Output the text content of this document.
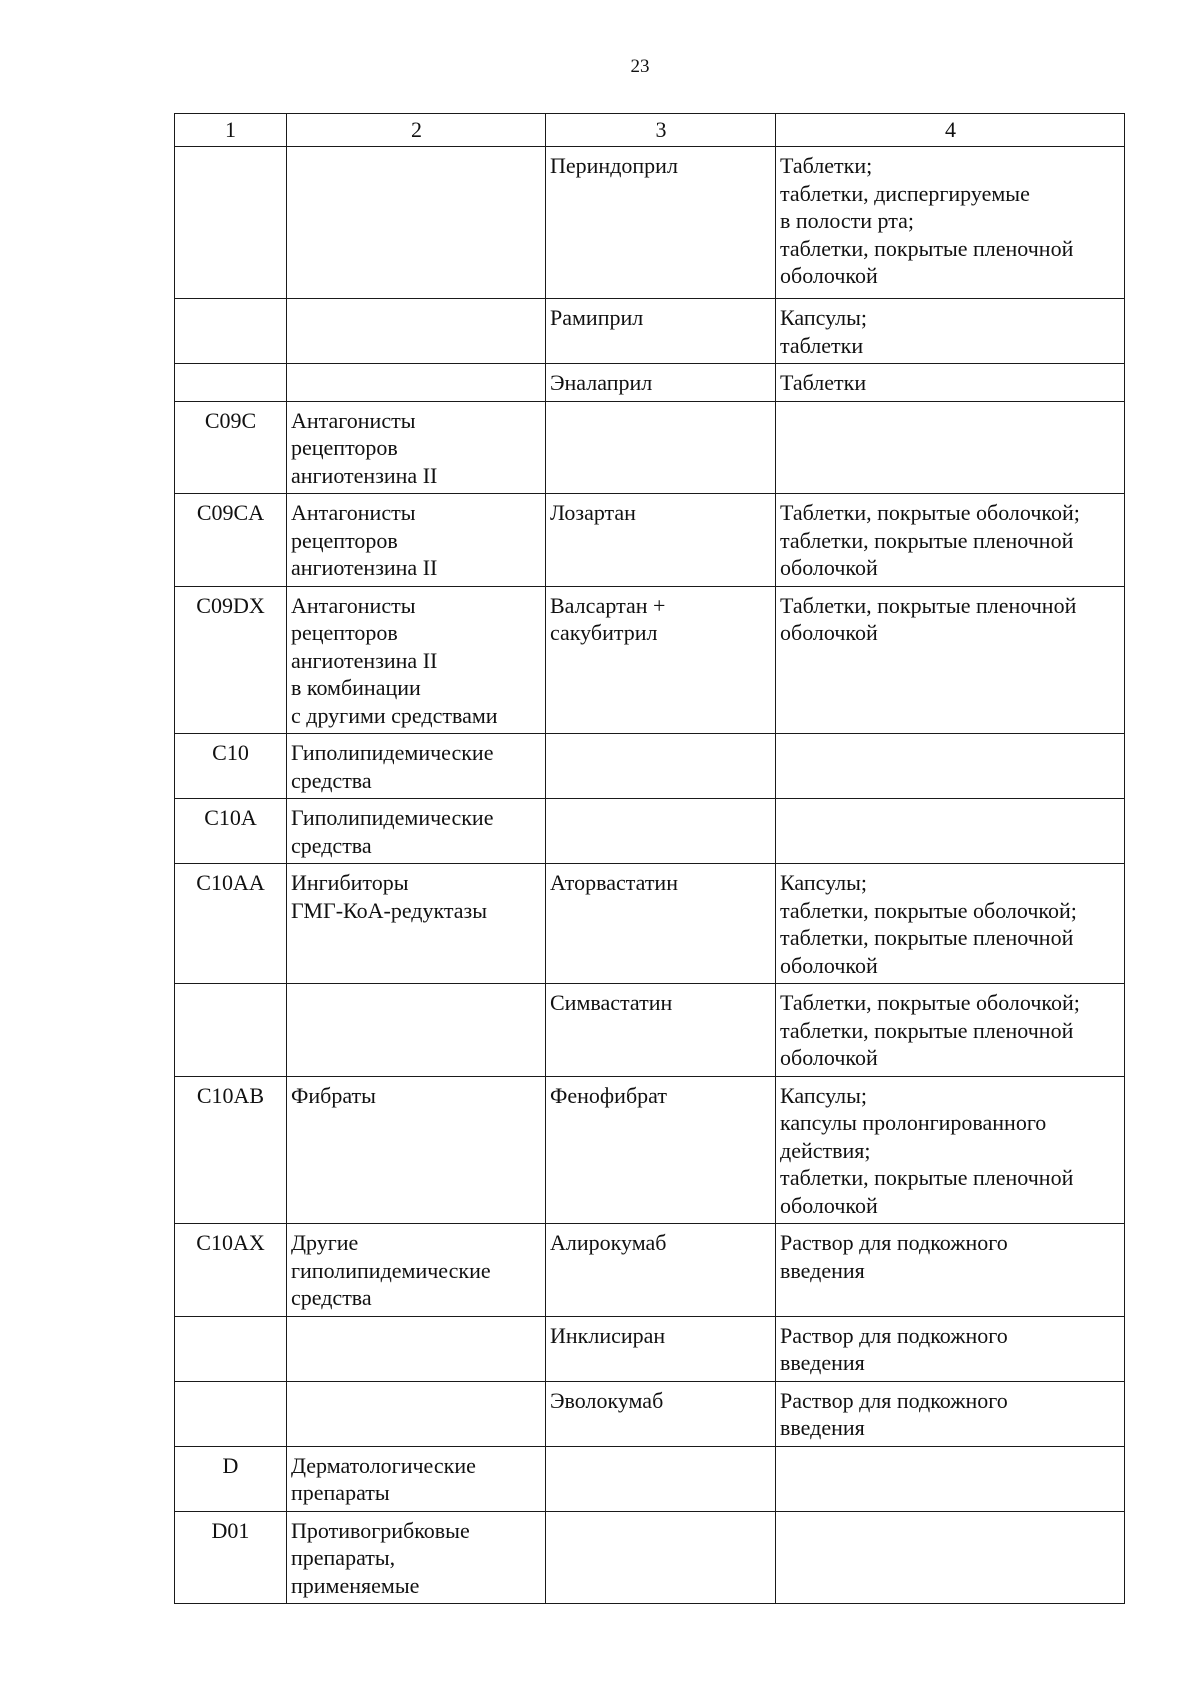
23
1	2	3	4
		Периндоприл	Таблетки;
таблетки, диспергируемые
в полости рта;
таблетки, покрытые пленочной
оболочкой
		Рамиприл	Капсулы;
таблетки
		Эналаприл	Таблетки
C09C	Антагонисты
рецепторов
ангиотензина II		
C09CA	Антагонисты
рецепторов
ангиотензина II	Лозартан	Таблетки, покрытые оболочкой;
таблетки, покрытые пленочной
оболочкой
C09DX	Антагонисты
рецепторов
ангиотензина II
в комбинации
с другими средствами	Валсартан +
сакубитрил	Таблетки, покрытые пленочной
оболочкой
C10	Гиполипидемические
средства		
C10A	Гиполипидемические
средства		
C10AA	Ингибиторы
ГМГ-КоА-редуктазы	Аторвастатин	Капсулы;
таблетки, покрытые оболочкой;
таблетки, покрытые пленочной
оболочкой
		Симвастатин	Таблетки, покрытые оболочкой;
таблетки, покрытые пленочной
оболочкой
C10AB	Фибраты	Фенофибрат	Капсулы;
капсулы пролонгированного
действия;
таблетки, покрытые пленочной
оболочкой
C10AX	Другие
гиполипидемические
средства	Алирокумаб	Раствор для подкожного
введения
		Инклисиран	Раствор для подкожного
введения
		Эволокумаб	Раствор для подкожного
введения
D	Дерматологические
препараты		
D01	Противогрибковые
препараты,
применяемые		
